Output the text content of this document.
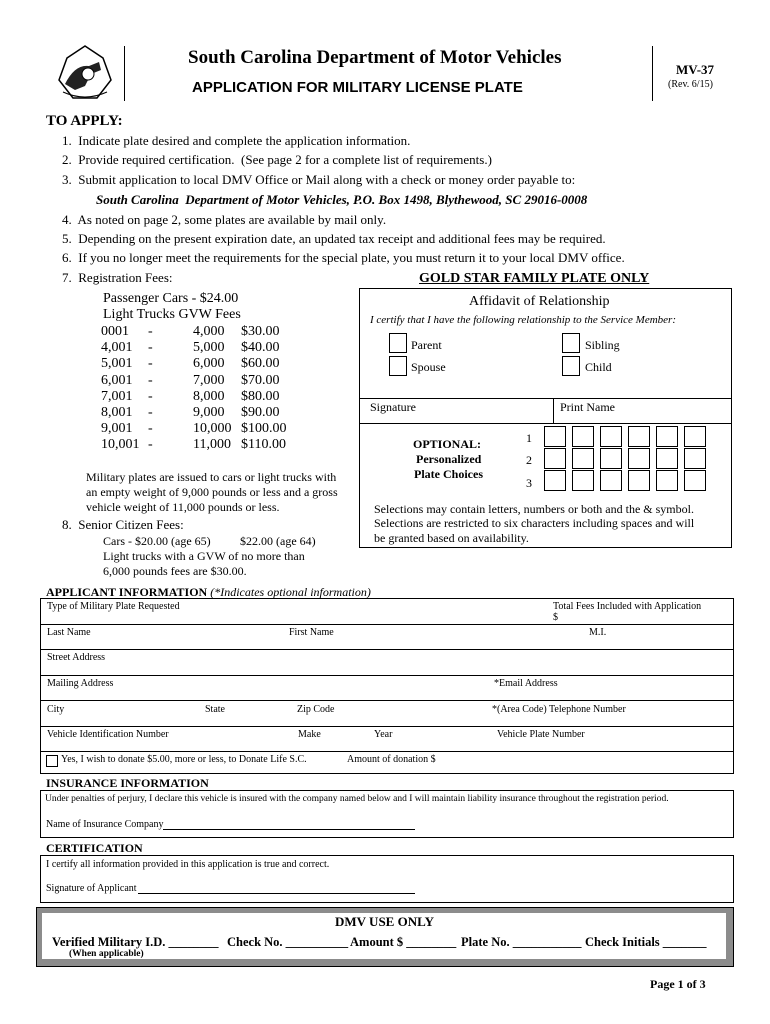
South Carolina Department of Motor Vehicles
APPLICATION FOR MILITARY LICENSE PLATE
MV-37
(Rev. 6/15)
TO APPLY:
1.  Indicate plate desired and complete the application information.
2.  Provide required certification.  (See page 2 for a complete list of requirements.)
3.  Submit application to local DMV Office or Mail along with a check or money order payable to:
South Carolina  Department of Motor Vehicles, P.O. Box 1498, Blythewood, SC 29016-0008
4.  As noted on page 2, some plates are available by mail only.
5.  Depending on the present expiration date, an updated tax receipt and additional fees may be required.
6.  If you no longer meet the requirements for the special plate, you must return it to your local DMV office.
7.  Registration Fees:
Passenger Cars - $24.00
Light Trucks GVW Fees
0001 -	4,000 $30.00
4,001 -	5,000 $40.00
5,001 -	6,000 $60.00
6,001 -	7,000 $70.00
7,001 -	8,000 $80.00
8,001 -	9,000 $90.00
9,001 -	10,000 $100.00
10,001 -	11,000 $110.00
Military plates are issued to cars or light trucks with
an empty weight of 9,000 pounds or less and a gross
vehicle weight of 11,000 pounds or less.
8.  Senior Citizen Fees:
Cars - $20.00 (age 65) $22.00 (age 64)
Light trucks with a GVW of no more than
6,000 pounds fees are $30.00.
GOLD STAR FAMILY PLATE ONLY
Affidavit of Relationship
I certify that I have the following relationship to the Service Member:
Parent	Sibling
Spouse	Child
Signature	Print Name
OPTIONAL:
Personalized
Plate Choices
1
2
3
Selections may contain letters, numbers or both and the & symbol.
Selections are restricted to six characters including spaces and will
be granted based on availability.
APPLICANT INFORMATION (*Indicates optional information)
Type of Military Plate Requested	Total Fees Included with Application
$
Last Name	First Name	M.I.
Street Address
Mailing Address	*Email Address
City	State	Zip Code	*(Area Code) Telephone Number
Vehicle Identification Number	Make	Year	Vehicle Plate Number
Yes, I wish to donate $5.00, more or less, to Donate Life S.C.	Amount of donation $
INSURANCE INFORMATION
Under penalties of perjury, I declare this vehicle is insured with the company named below and I will maintain liability insurance throughout the registration period.
Name of Insurance Company
CERTIFICATION
I certify all information provided in this application is true and correct.
Signature of Applicant
DMV USE ONLY
Verified Military I.D. ________ Check No. __________ Amount $ ________ Plate No. ___________ Check Initials _______
(When applicable)
Page 1 of 3
